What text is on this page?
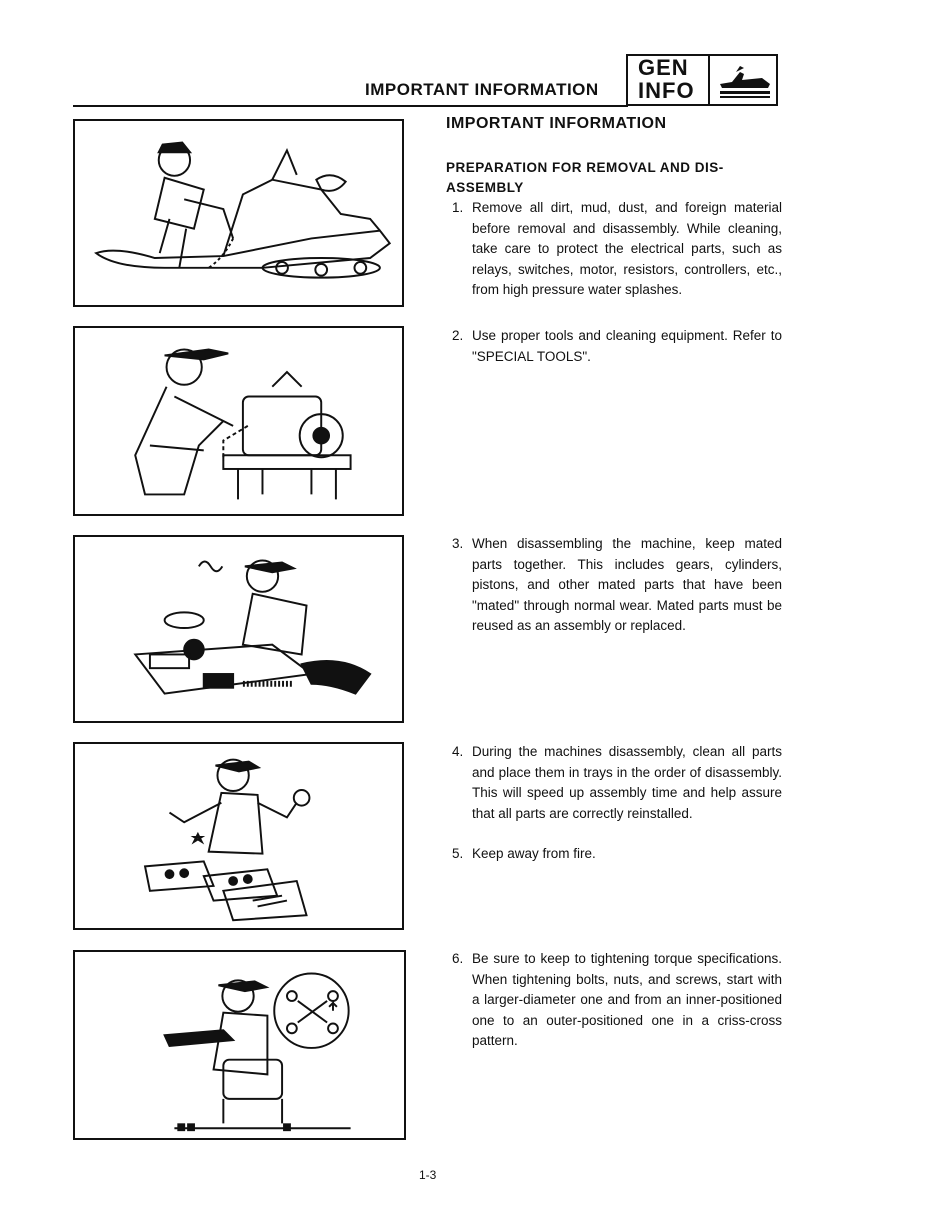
IMPORTANT INFORMATION
GEN
INFO
IMPORTANT INFORMATION
PREPARATION FOR REMOVAL AND DIS-ASSEMBLY
1. Remove all dirt, mud, dust, and foreign material before removal and disassembly. While cleaning, take care to protect the electrical parts, such as relays, switches, motor, resistors, controllers, etc., from high pressure water splashes.
2. Use proper tools and cleaning equipment. Refer to "SPECIAL TOOLS".
3. When disassembling the machine, keep mated parts together. This includes gears, cylinders, pistons, and other mated parts that have been "mated" through normal wear. Mated parts must be reused as an assembly or replaced.
4. During the machines disassembly, clean all parts and place them in trays in the order of disassembly. This will speed up assembly time and help assure that all parts are correctly reinstalled.
5. Keep away from fire.
6. Be sure to keep to tightening torque specifications. When tightening bolts, nuts, and screws, start with a larger-diameter one and from an inner-positioned one to an outer-positioned one in a criss-cross pattern.
1-3
